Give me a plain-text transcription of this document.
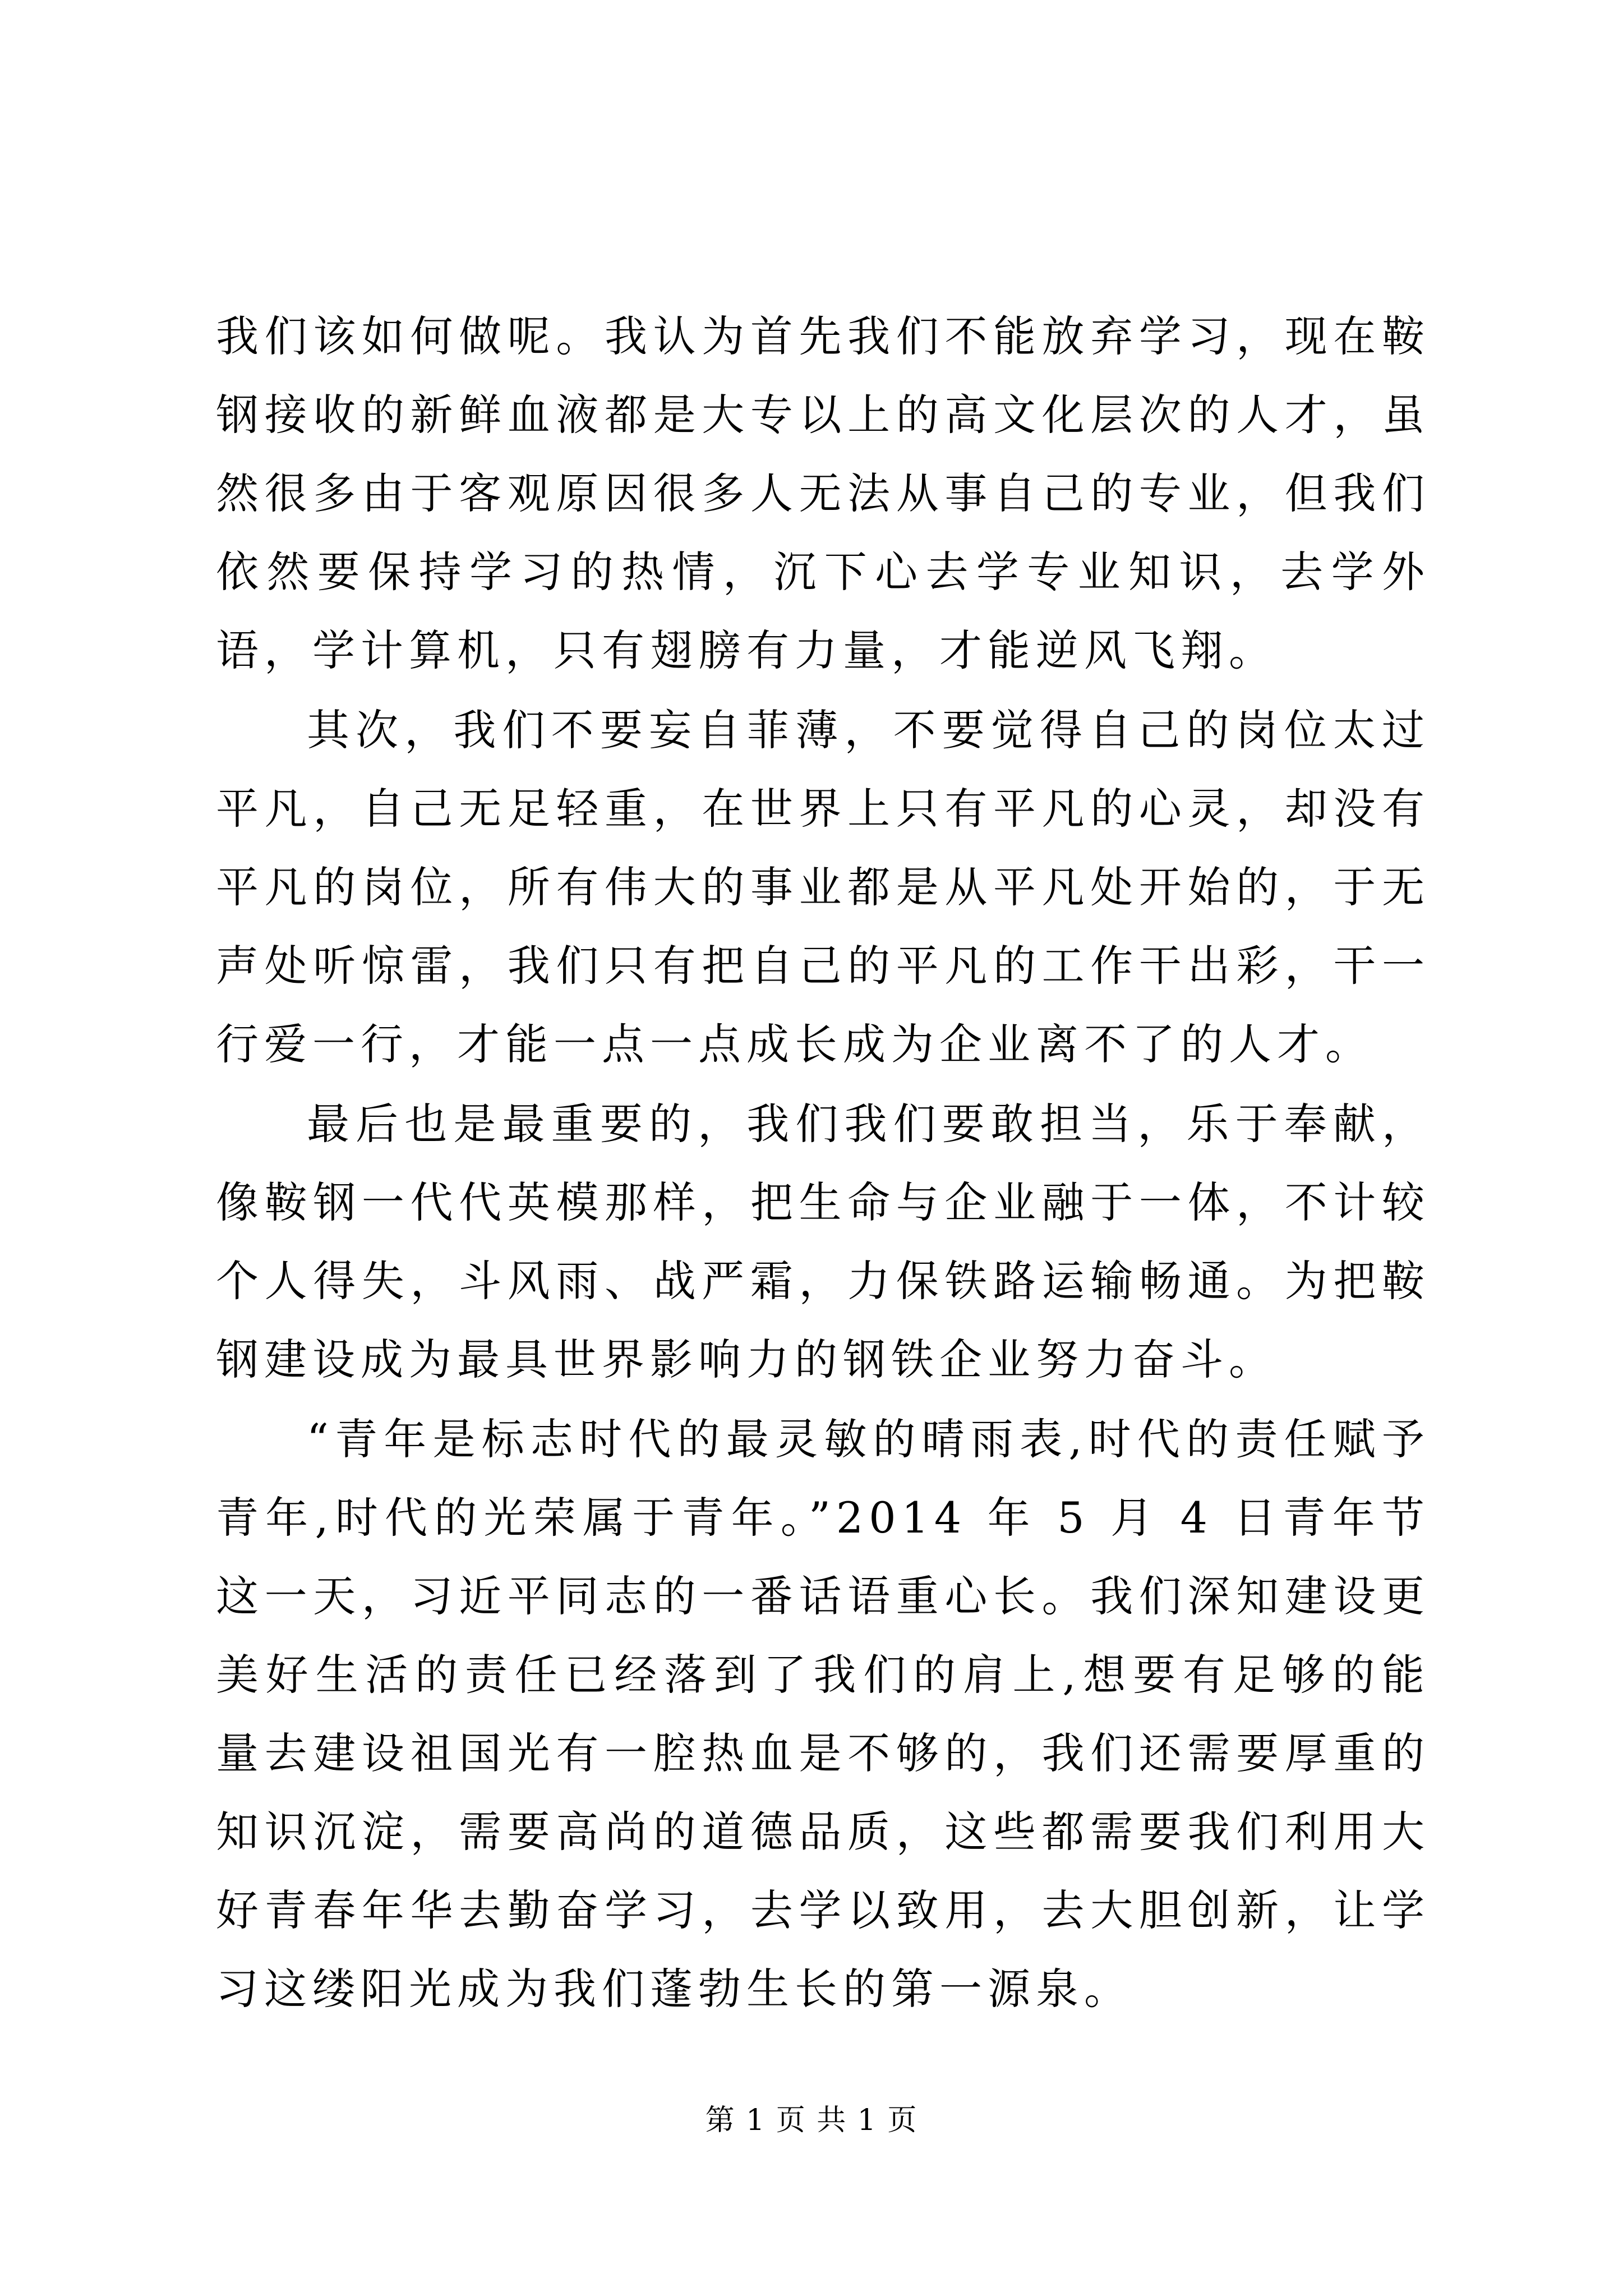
我们该如何做呢。我认为首先我们不能放弃学习，现在鞍钢接收的新鲜血液都是大专以上的高文化层次的人才，虽然很多由于客观原因很多人无法从事自己的专业，但我们依然要保持学习的热情，沉下心去学专业知识，去学外语，学计算机，只有翅膀有力量，才能逆风飞翔。

其次，我们不要妄自菲薄，不要觉得自己的岗位太过平凡，自己无足轻重，在世界上只有平凡的心灵，却没有平凡的岗位，所有伟大的事业都是从平凡处开始的，于无声处听惊雷，我们只有把自己的平凡的工作干出彩，干一行爱一行，才能一点一点成长成为企业离不了的人才。

最后也是最重要的，我们我们要敢担当，乐于奉献，像鞍钢一代代英模那样，把生命与企业融于一体，不计较个人得失，斗风雨、战严霜，力保铁路运输畅通。为把鞍钢建设成为最具世界影响力的钢铁企业努力奋斗。

“青年是标志时代的最灵敏的晴雨表,时代的责任赋予青年,时代的光荣属于青年。”2014 年 5 月 4 日青年节这一天，习近平同志的一番话语重心长。我们深知建设更美好生活的责任已经落到了我们的肩上,想要有足够的能量去建设祖国光有一腔热血是不够的，我们还需要厚重的知识沉淀，需要高尚的道德品质，这些都需要我们利用大好青春年华去勤奋学习，去学以致用，去大胆创新，让学习这缕阳光成为我们蓬勃生长的第一源泉。

第 1 页 共 1 页
